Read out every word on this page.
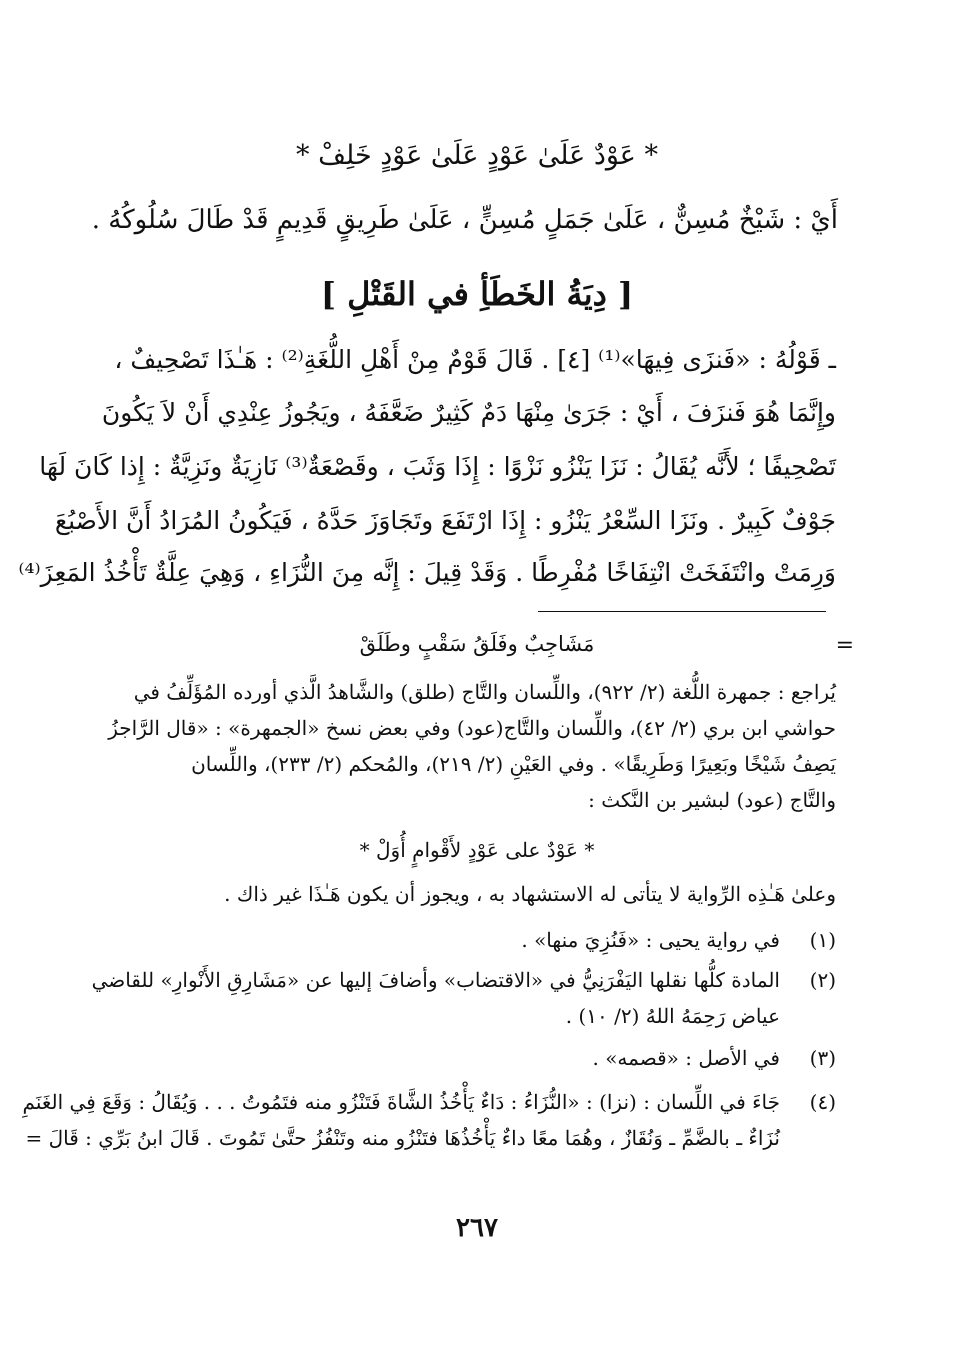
* عَوْدٌ عَلَىٰ عَوْدٍ عَلَىٰ عَوْدٍ خَلِفْ *
أَيْ : شَيْخٌ مُسِنٌّ ، عَلَىٰ جَمَلٍ مُسِنٍّ ، عَلَىٰ طَرِيقٍ قَدِيمٍ قَدْ طَالَ سُلُوكُهُ .
[ دِيَةُ الخَطَأِ في القَتْلِ ]
ـ قَوْلُهُ : «فَنزَى فِيهَا»⁽¹⁾ [٤] . قَالَ قَوْمٌ مِنْ أَهْلِ اللُّغَةِ⁽²⁾ : هَـٰذَا تَصْحِيفٌ ،
وإِنَّمَا هُوَ فَنزَفَ ، أَيْ : جَرَىٰ مِنْهَا دَمٌ كَثِيرٌ ضَعَّفَهُ ، ويَجُوزُ عِنْدِي أَنْ لاَ يَكُونَ
تَصْحِيفًا ؛ لأَنَّه يُقَالُ : نَزَا يَنْزُو نَزْوًا : إِذَا وَثَبَ ، وقَصْعَةٌ⁽³⁾ نَازِيَةٌ ونَزِيَّةٌ : إِذا كَانَ لَهَا
جَوْفٌ كَبِيرٌ . ونَزَا السِّعْرُ يَنْزُو : إِذَا ارْتَفَعَ وتَجَاوَزَ حَدَّهُ ، فَيَكُونُ المُرَادُ أَنَّ الأَصْبُعَ
وَرِمَتْ وانْتَفَخَتْ انْتِفَاخًا مُفْرِطًا . وَقَدْ قِيلَ : إِنَّه مِنَ النُّزَاءِ ، وَهِيَ عِلَّةٌ تَأْخُذُ المَعِزَ⁽⁴⁾
=
مَشَاجِبٌ وفَلَقُ سَقْبٍ وطَلَقْ
يُراجع : جمهرة اللُّغة (٢/ ٩٢٢)، واللِّسان والتَّاج (طلق) والشَّاهدُ الَّذي أورده المُؤَلِّفُ في
حواشي ابن بري (٢/ ٤٢)، واللِّسان والتَّاج(عود) وفي بعض نسخ «الجمهرة» : «قال الرَّاجزُ
يَصِفُ شَيْخًا وبَعِيرًا وَطَرِيقًا» . وفي العَيْنِ (٢/ ٢١٩)، والمُحكم (٢/ ٢٣٣)، واللِّسان
والتَّاج (عود) لبشير بن النَّكث :
* عَوْدٌ على عَوْدٍ لأَقْوامٍ أُوَلْ *
وعلىٰ هَـٰذِه الرِّواية لا يتأتى له الاستشهاد به ، ويجوز أن يكون هَـٰذَا غير ذاك .
(١)
في رواية يحيى : «فَنُزِيَ منها» .
(٢)
المادة كلُّها نقلها اليَفْرَنِيُّ في «الاقتضاب» وأضافَ إليها عن «مَشَارِقِ الأَنْوارِ» للقاضي
عياض رَحِمَهُ اللهُ (٢/ ١٠) .
(٣)
في الأصل : «قصمه» .
(٤)
جَاءَ في اللِّسان : (نزا) : «النُّزَاءُ : دَاءٌ يَأْخُذُ الشَّاةَ فَتَنْزُو منه فتَمُوتُ . . . وَيُقَالُ : وَقَعَ فِي الغَنَمِ
نُزَاءٌ ـ بالضَّمِّ ـ وَنُقَازٌ ، وهُمَا معًا داءٌ يَأْخُذُهَا فتَنْزُو منه وتَنْفُزُ حتَّىٰ تَمُوتَ . قَالَ ابنُ بَرِّي : قَالَ =
٢٦٧
